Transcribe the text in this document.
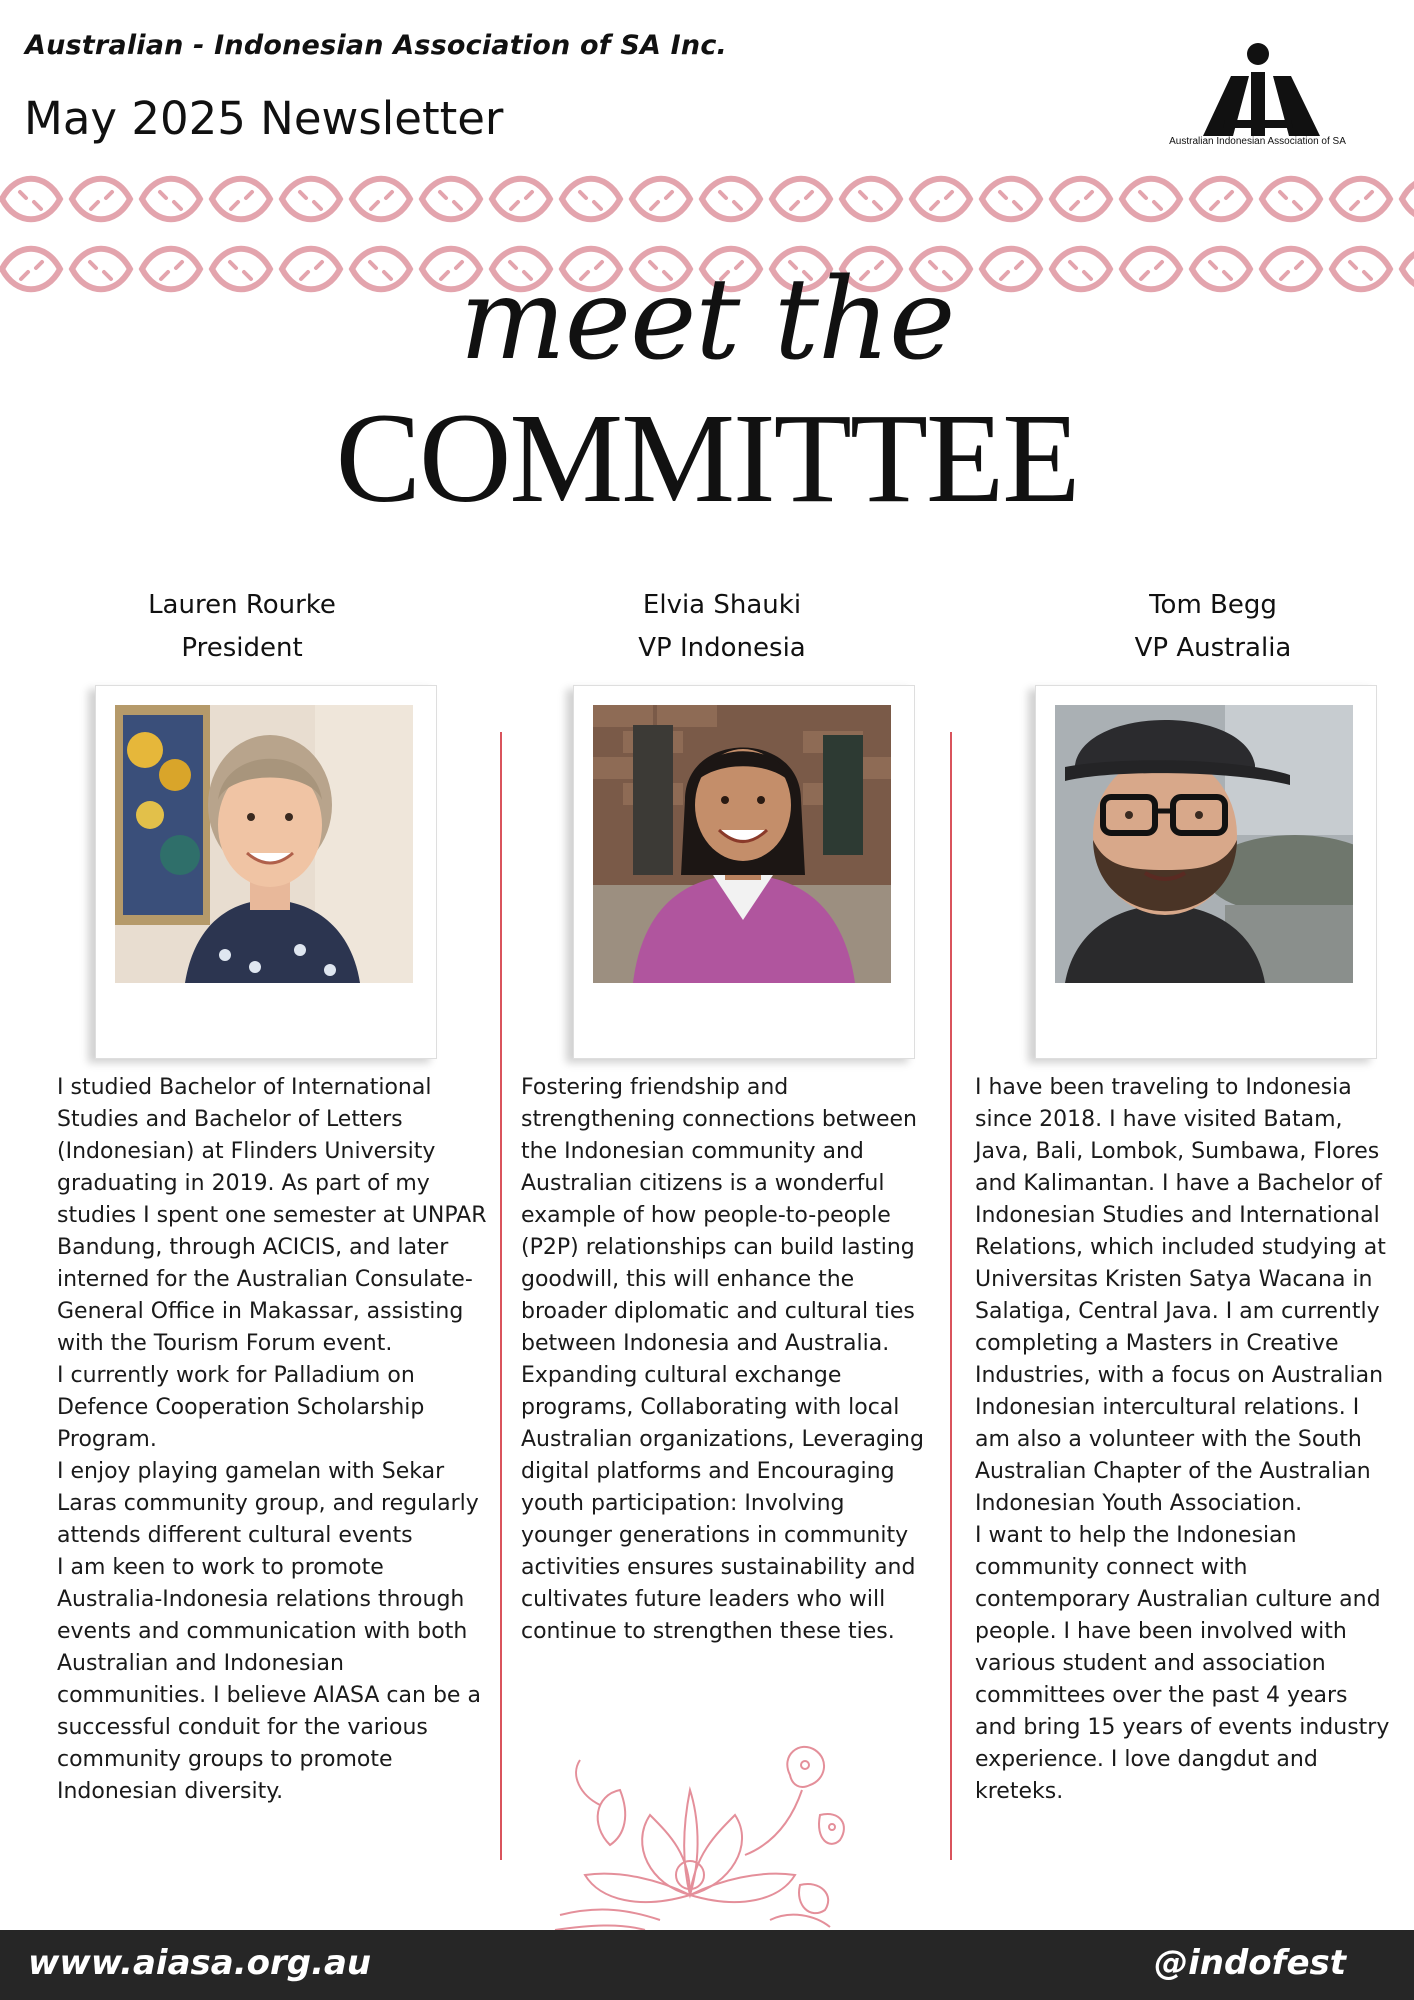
Australian - Indonesian Association of SA Inc.
May 2025 Newsletter	Australian Indonesian Association of SA
meet the
COMMITTEE
Lauren Rourke
President
Elvia Shauki
VP Indonesia
Tom Begg
VP Australia

I studied Bachelor of International Studies and Bachelor of Letters (Indonesian) at Flinders University graduating in 2019. As part of my studies I spent one semester at UNPAR Bandung, through ACICIS, and later interned for the Australian Consulate-General Office in Makassar, assisting with the Tourism Forum event.

I currently work for Palladium on Defence Cooperation Scholarship Program.

I enjoy playing gamelan with Sekar Laras community group, and regularly attends different cultural events

I am keen to work to promote Australia-Indonesia relations through events and communication with both Australian and Indonesian communities. I believe AIASA can be a successful conduit for the various community groups to promote Indonesian diversity.

Fostering friendship and strengthening connections between the Indonesian community and Australian citizens is a wonderful example of how people-to-people (P2P) relationships can build lasting goodwill, this will enhance the broader diplomatic and cultural ties between Indonesia and Australia.

Expanding cultural exchange programs, Collaborating with local Australian organizations, Leveraging digital platforms and Encouraging youth participation: Involving younger generations in community activities ensures sustainability and cultivates future leaders who will continue to strengthen these ties.

I have been traveling to Indonesia since 2018. I have visited Batam, Java, Bali, Lombok, Sumbawa, Flores and Kalimantan. I have a Bachelor of Indonesian Studies and International Relations, which included studying at Universitas Kristen Satya Wacana in Salatiga, Central Java. I am currently completing a Masters in Creative Industries, with a focus on Australian Indonesian intercultural relations. I am also a volunteer with the South Australian Chapter of the Australian Indonesian Youth Association.

I want to help the Indonesian community connect with contemporary Australian culture and people. I have been involved with various student and association committees over the past 4 years and bring 15 years of events industry experience. I love dangdut and kreteks.

www.aiasa.org.au	@indofest
